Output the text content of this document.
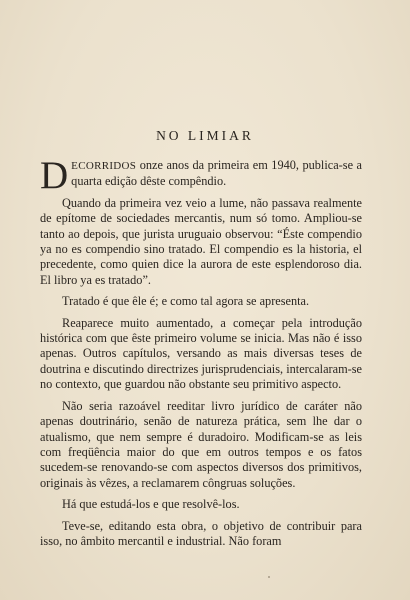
NO LIMIAR

DECORRIDOS onze anos da primeira em 1940, publica-se a quarta edição dêste compêndio.

Quando da primeira vez veio a lume, não passava realmente de epítome de sociedades mercantis, num só tomo. Ampliou-se tanto ao depois, que jurista uruguaio observou: “Éste compendio ya no es compendio sino tratado. El compendio es la historia, el precedente, como quien dice la aurora de este esplendoroso dia. El libro ya es tratado”.

Tratado é que êle é; e como tal agora se apresenta.

Reaparece muito aumentado, a começar pela introdução histórica com que êste primeiro volume se inicia. Mas não é isso apenas. Outros capítulos, versando as mais diversas teses de doutrina e discutindo directrizes jurisprudenciais, intercalaram-se no contexto, que guardou não obstante seu primitivo aspecto.

Não seria razoável reeditar livro jurídico de caráter não apenas doutrinário, senão de natureza prática, sem lhe dar o atualismo, que nem sempre é duradoiro. Modificam-se as leis com freqüência maior do que em outros tempos e os fatos sucedem-se renovando-se com aspectos diversos dos primitivos, originais às vêzes, a reclamarem côngruas soluções.

Há que estudá-los e que resolvê-los.

Teve-se, editando esta obra, o objetivo de contribuir para isso, no âmbito mercantil e industrial. Não foram
